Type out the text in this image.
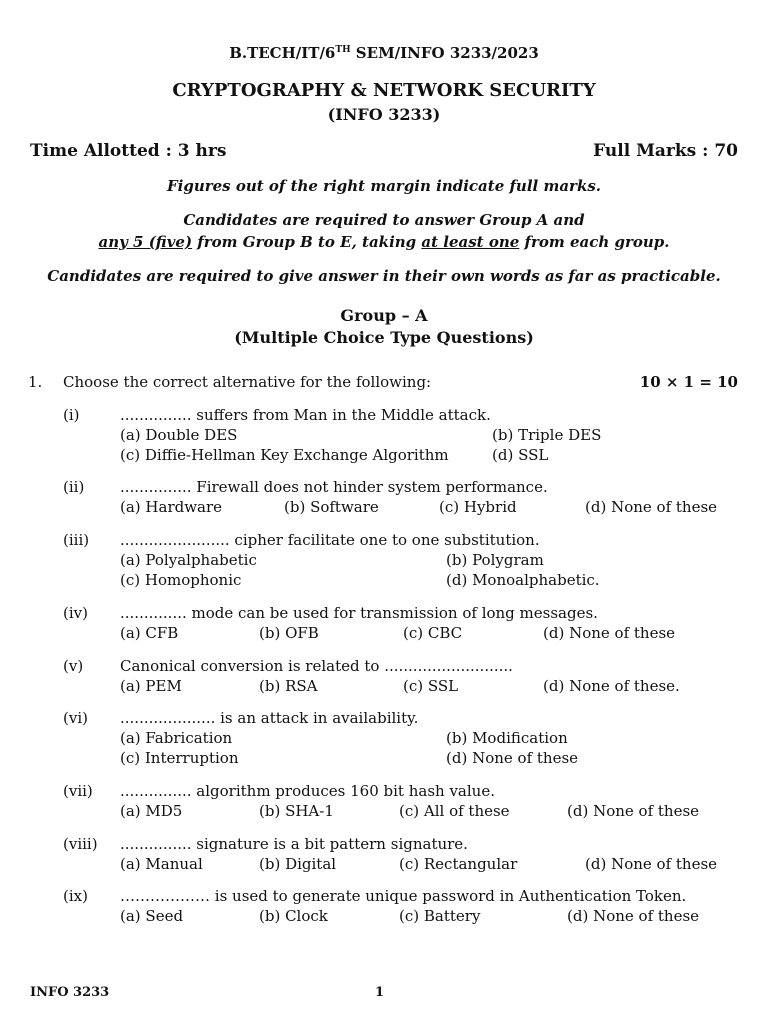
B.TECH/IT/6TH SEM/INFO 3233/2023
CRYPTOGRAPHY & NETWORK SECURITY
(INFO 3233)
Time Allotted : 3 hrs	Full Marks : 70
Figures out of the right margin indicate full marks.
Candidates are required to answer Group A and
any 5 (five) from Group B to E, taking at least one from each group.
Candidates are required to give answer in their own words as far as practicable.
Group – A
(Multiple Choice Type Questions)
1. Choose the correct alternative for the following:	10 × 1 = 10
(i)	............... suffers from Man in the Middle attack.
(a) Double DES	(b) Triple DES
(c) Diffie-Hellman Key Exchange Algorithm	(d) SSL
(ii) ............... Firewall does not hinder system performance.
(a) Hardware	(b) Software	(c) Hybrid	(d) None of these
(iii) ....................... cipher facilitate one to one substitution.
(a) Polyalphabetic	(b) Polygram
(c) Homophonic	(d) Monoalphabetic.
(iv) .............. mode can be used for transmission of long messages.
(a) CFB	(b) OFB	(c) CBC	(d) None of these
(v) Canonical conversion is related to ...........................
(a) PEM	(b) RSA	(c) SSL	(d) None of these.
(vi) .................... is an attack in availability.
(a) Fabrication	(b) Modification
(c) Interruption	(d) None of these
(vii) ............... algorithm produces 160 bit hash value.
(a) MD5	(b) SHA-1	(c) All of these	(d) None of these
(viii) ............... signature is a bit pattern signature.
(a) Manual	(b) Digital	(c) Rectangular	(d) None of these
(ix) ……………… is used to generate unique password in Authentication Token.
(a) Seed	(b) Clock	(c) Battery	(d) None of these
INFO 3233	1
